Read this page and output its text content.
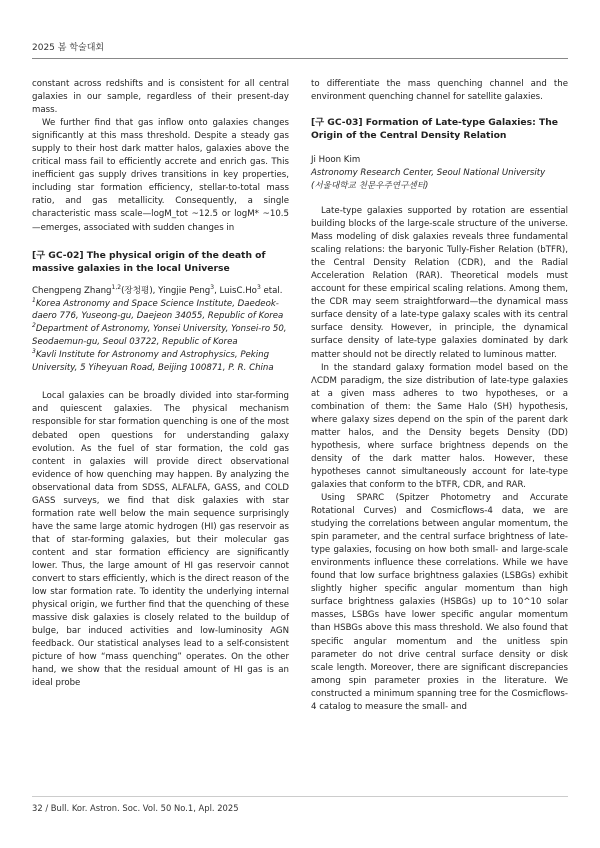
2025 봄 학술대회

constant across redshifts and is consistent for all central galaxies in our sample, regardless of their present-day mass.

We further find that gas inflow onto galaxies changes significantly at this mass threshold. Despite a steady gas supply to their host dark matter halos, galaxies above the critical mass fail to efficiently accrete and enrich gas. This inefficient gas supply drives transitions in key properties, including star formation efficiency, stellar-to-total mass ratio, and gas metallicity. Consequently, a single characteristic mass scale—logM_tot ~12.5 or logM* ~10.5—emerges, associated with sudden changes in

[구 GC-02] The physical origin of the death of massive galaxies in the local Universe

Chengpeng Zhang$^{1,2}$(장청평), Yingjie Peng$^3$, LuisC.Ho$^3$ etal.

$^1$Korea Astronomy and Space Science Institute, Daedeok-daero 776, Yuseong-gu, Daejeon 34055, Republic of Korea

$^2$Department of Astronomy, Yonsei University, Yonsei-ro 50, Seodaemun-gu, Seoul 03722, Republic of Korea

$^3$Kavli Institute for Astronomy and Astrophysics, Peking University, 5 Yiheyuan Road, Beijing 100871, P. R. China

Local galaxies can be broadly divided into star-forming and quiescent galaxies. The physical mechanism responsible for star formation quenching is one of the most debated open questions for understanding galaxy evolution. As the fuel of star formation, the cold gas content in galaxies will provide direct observational evidence of how quenching may happen. By analyzing the observational data from SDSS, ALFALFA, GASS, and COLD GASS surveys, we find that disk galaxies with star formation rate well below the main sequence surprisingly have the same large atomic hydrogen (HI) gas reservoir as that of star-forming galaxies, but their molecular gas content and star formation efficiency are significantly lower. Thus, the large amount of HI gas reservoir cannot convert to stars efficiently, which is the direct reason of the low star formation rate. To identity the underlying internal physical origin, we further find that the quenching of these massive disk galaxies is closely related to the buildup of bulge, bar induced activities and low-luminosity AGN feedback. Our statistical analyses lead to a self-consistent picture of how “mass quenching” operates. On the other hand, we show that the residual amount of HI gas is an ideal probe

to differentiate the mass quenching channel and the environment quenching channel for satellite galaxies.

[구 GC-03] Formation of Late-type Galaxies: The Origin of the Central Density Relation

Ji Hoon Kim

Astronomy Research Center, Seoul National University

(서울대학교 천문우주연구센터)

Late-type galaxies supported by rotation are essential building blocks of the large-scale structure of the universe. Mass modeling of disk galaxies reveals three fundamental scaling relations: the baryonic Tully-Fisher Relation (bTFR), the Central Density Relation (CDR), and the Radial Acceleration Relation (RAR). Theoretical models must account for these empirical scaling relations. Among them, the CDR may seem straightforward—the dynamical mass surface density of a late-type galaxy scales with its central surface density. However, in principle, the dynamical surface density of late-type galaxies dominated by dark matter should not be directly related to luminous matter.

In the standard galaxy formation model based on the ΛCDM paradigm, the size distribution of late-type galaxies at a given mass adheres to two hypotheses, or a combination of them: the Same Halo (SH) hypothesis, where galaxy sizes depend on the spin of the parent dark matter halos, and the Density begets Density (DD) hypothesis, where surface brightness depends on the density of the dark matter halos. However, these hypotheses cannot simultaneously account for late-type galaxies that conform to the bTFR, CDR, and RAR.

Using SPARC (Spitzer Photometry and Accurate Rotational Curves) and Cosmicflows-4 data, we are studying the correlations between angular momentum, the spin parameter, and the central surface brightness of late-type galaxies, focusing on how both small- and large-scale environments influence these correlations. While we have found that low surface brightness galaxies (LSBGs) exhibit slightly higher specific angular momentum than high surface brightness galaxies (HSBGs) up to 10^10 solar masses, LSBGs have lower specific angular momentum than HSBGs above this mass threshold. We also found that specific angular momentum and the unitless spin parameter do not drive central surface density or disk scale length. Moreover, there are significant discrepancies among spin parameter proxies in the literature. We constructed a minimum spanning tree for the Cosmicflows-4 catalog to measure the small- and

32 / Bull. Kor. Astron. Soc. Vol. 50 No.1, Apl. 2025
